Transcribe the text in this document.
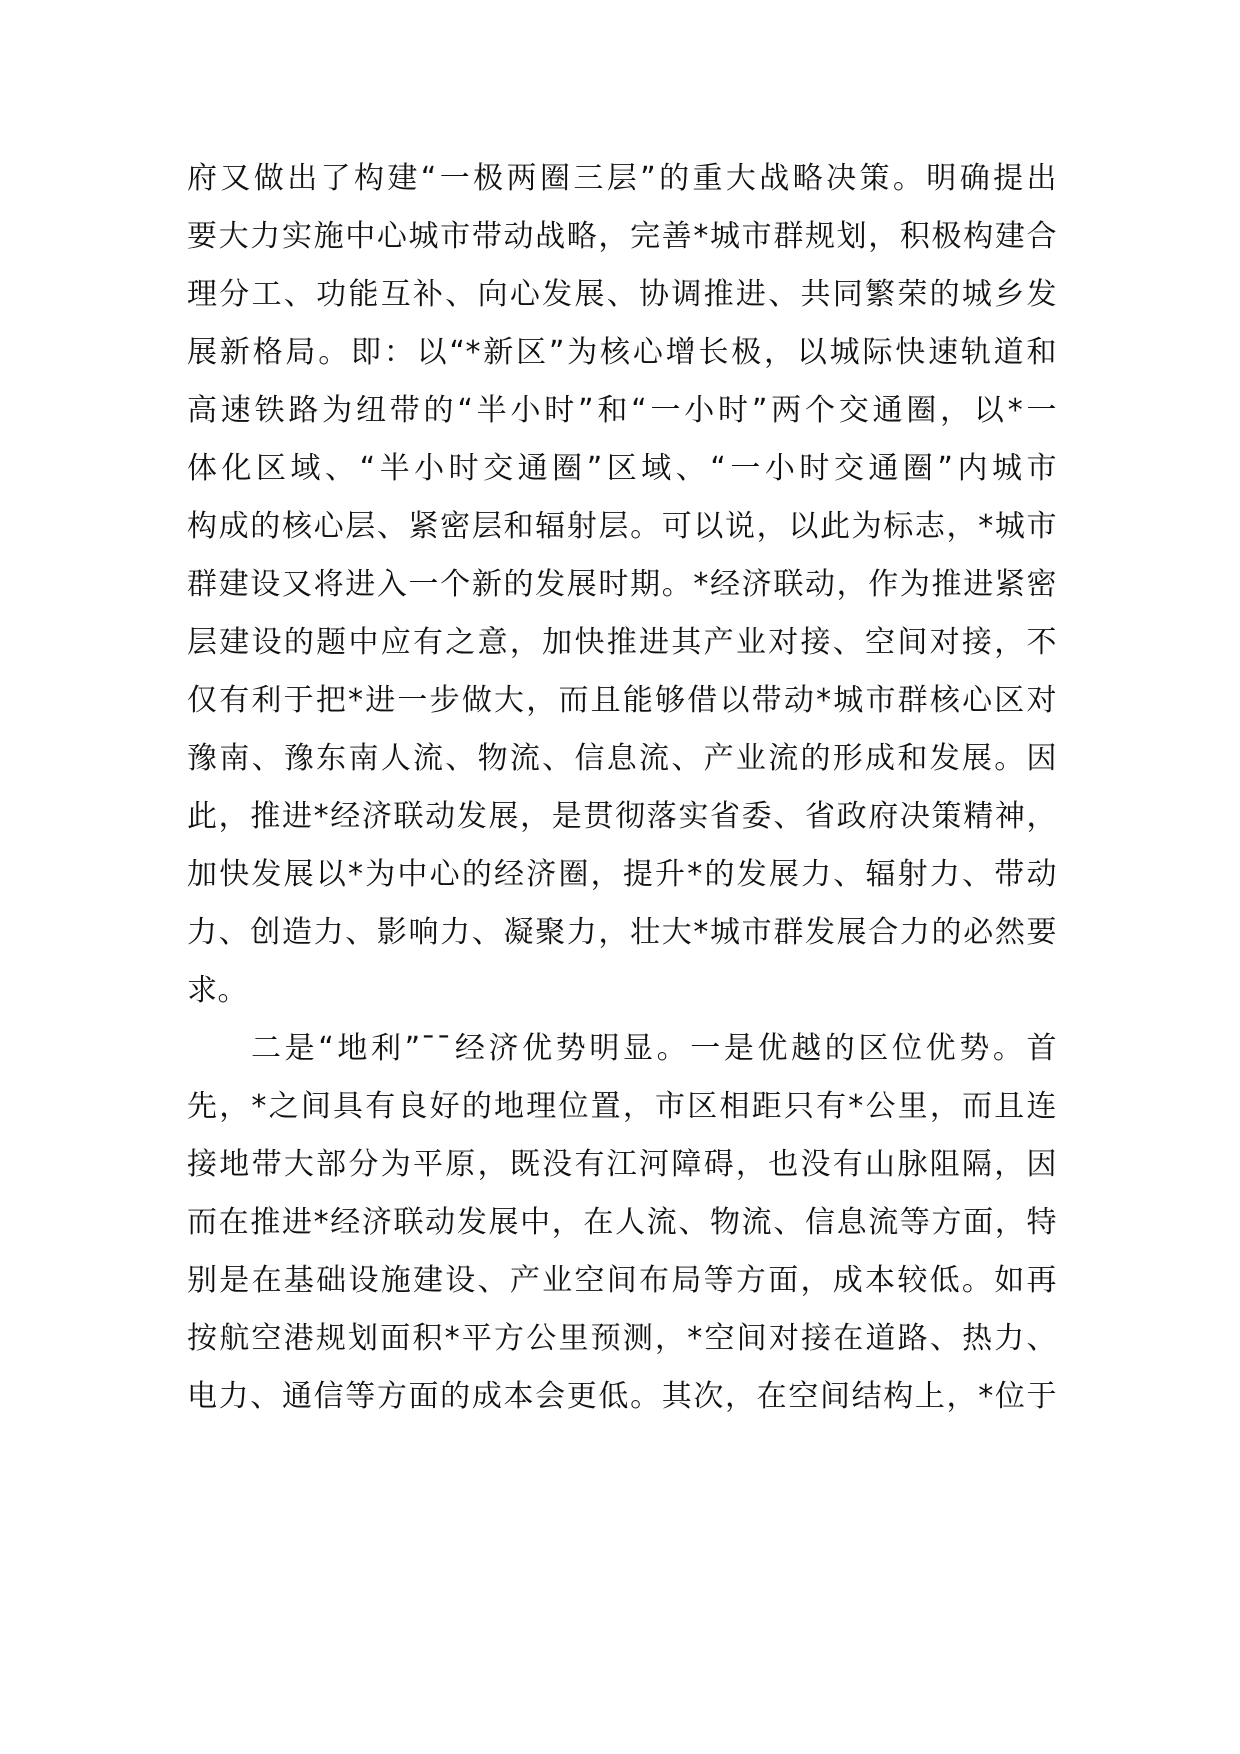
府又做出了构建“一极两圈三层”的重大战略决策。明确提出
要大力实施中心城市带动战略，完善*城市群规划，积极构建合
理分工、功能互补、向心发展、协调推进、共同繁荣的城乡发
展新格局。即：以“*新区”为核心增长极，以城际快速轨道和
高速铁路为纽带的“半小时”和“一小时”两个交通圈，以*一
体化区域、“半小时交通圈”区域、“一小时交通圈”内城市
构成的核心层、紧密层和辐射层。可以说，以此为标志，*城市
群建设又将进入一个新的发展时期。*经济联动，作为推进紧密
层建设的题中应有之意，加快推进其产业对接、空间对接，不
仅有利于把*进一步做大，而且能够借以带动*城市群核心区对
豫南、豫东南人流、物流、信息流、产业流的形成和发展。因
此，推进*经济联动发展，是贯彻落实省委、省政府决策精神，
加快发展以*为中心的经济圈，提升*的发展力、辐射力、带动
力、创造力、影响力、凝聚力，壮大*城市群发展合力的必然要
求。
二是“地利”¯¯经济优势明显。一是优越的区位优势。首
先，*之间具有良好的地理位置，市区相距只有*公里，而且连
接地带大部分为平原，既没有江河障碍，也没有山脉阻隔，因
而在推进*经济联动发展中，在人流、物流、信息流等方面，特
别是在基础设施建设、产业空间布局等方面，成本较低。如再
按航空港规划面积*平方公里预测，*空间对接在道路、热力、
电力、通信等方面的成本会更低。其次，在空间结构上，*位于
